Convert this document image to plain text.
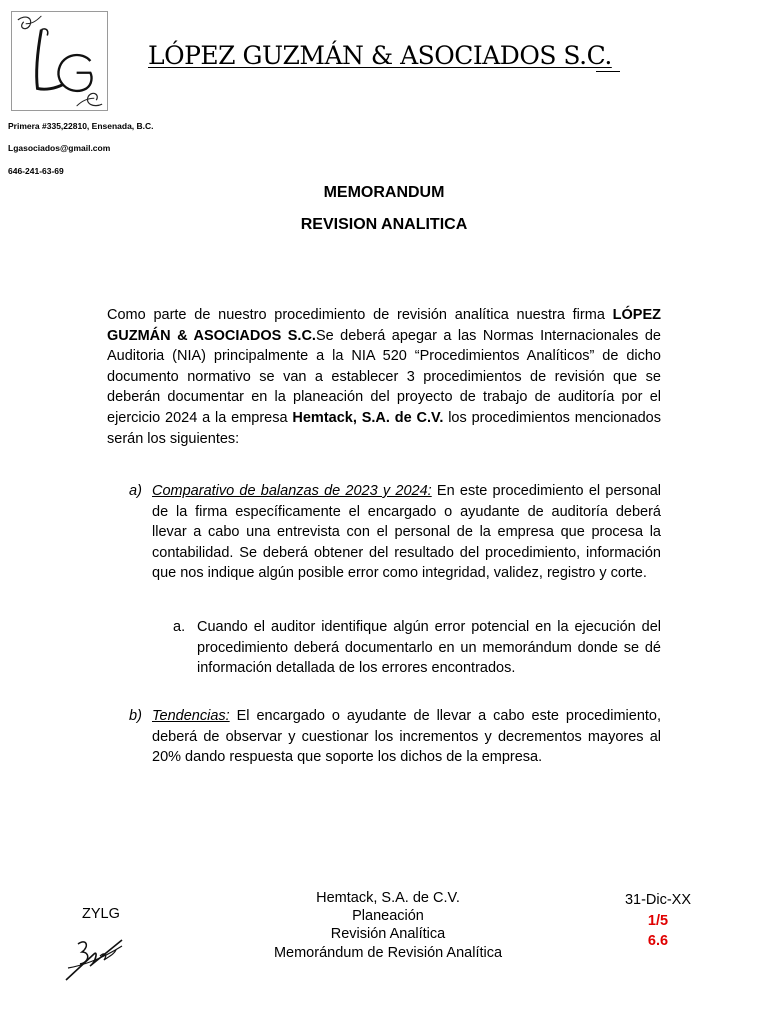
LÓPEZ GUZMÁN & ASOCIADOS S.C.
Primera #335,22810, Ensenada, B.C.
Lgasociados@gmail.com
646-241-63-69
MEMORANDUM
REVISION ANALITICA
Como parte de nuestro procedimiento de revisión analítica nuestra firma LÓPEZ GUZMÁN & ASOCIADOS S.C.Se deberá apegar a las Normas Internacionales de Auditoria (NIA) principalmente a la NIA 520 “Procedimientos Analíticos” de dicho documento normativo se van a establecer 3 procedimientos de revisión que se deberán documentar en la planeación del proyecto de trabajo de auditoría por el ejercicio 2024 a la empresa Hemtack, S.A. de C.V. los procedimientos mencionados serán los siguientes:
a) Comparativo de balanzas de 2023 y 2024: En este procedimiento el personal de la firma específicamente el encargado o ayudante de auditoría deberá llevar a cabo una entrevista con el personal de la empresa que procesa la contabilidad. Se deberá obtener del resultado del procedimiento, información que nos indique algún posible error como integridad, validez, registro y corte.
a. Cuando el auditor identifique algún error potencial en la ejecución del procedimiento deberá documentarlo en un memorándum donde se dé información detallada de los errores encontrados.
b) Tendencias: El encargado o ayudante de llevar a cabo este procedimiento, deberá de observar y cuestionar los incrementos y decrementos mayores al 20% dando respuesta que soporte los dichos de la empresa.
ZYLG
Hemtack, S.A. de C.V.
Planeación
Revisión Analítica
Memorándum de Revisión Analítica
31-Dic-XX
1/5
6.6
